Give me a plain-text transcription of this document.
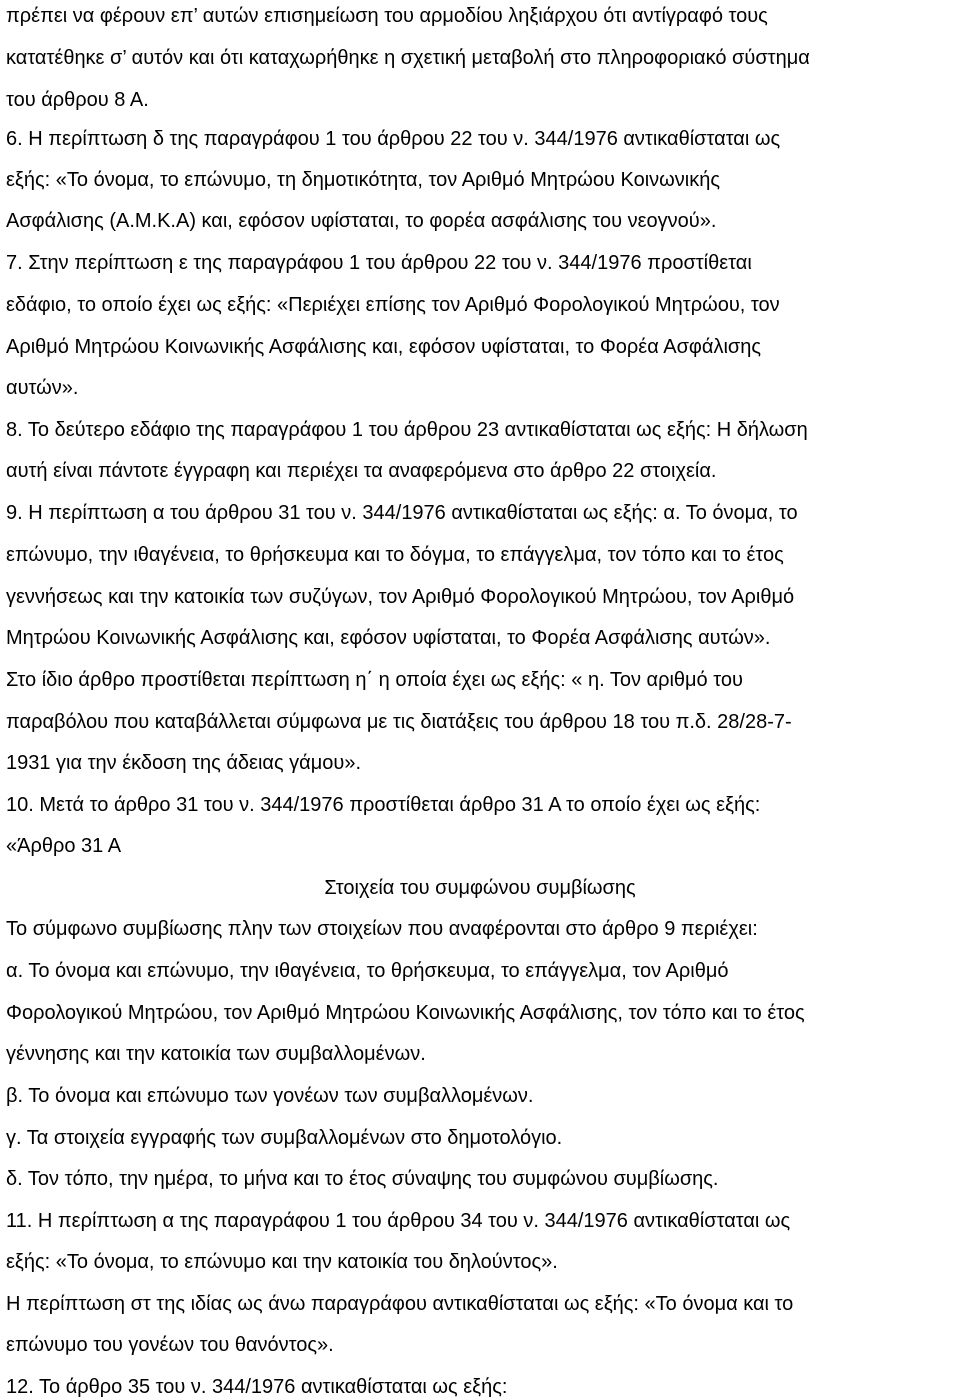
πρέπει να φέρουν επ’ αυτών επισημείωση του αρμοδίου ληξιάρχου ότι αντίγραφό τους
κατατέθηκε σ’ αυτόν και ότι καταχωρήθηκε η σχετική μεταβολή στο πληροφοριακό σύστημα
του άρθρου 8 Α.
6. Η περίπτωση δ της παραγράφου 1 του άρθρου 22 του ν. 344/1976 αντικαθίσταται ως
εξής: «Το όνομα, το επώνυμο, τη δημοτικότητα, τον Αριθμό Μητρώου Κοινωνικής
Ασφάλισης (Α.Μ.Κ.Α) και, εφόσον υφίσταται, το φορέα ασφάλισης του νεογνού».
7. Στην περίπτωση ε της παραγράφου 1 του άρθρου 22 του ν. 344/1976 προστίθεται
εδάφιο, το οποίο έχει ως εξής: «Περιέχει επίσης τον Αριθμό Φορολογικού Μητρώου, τον
Αριθμό Μητρώου Κοινωνικής Ασφάλισης και, εφόσον υφίσταται, το Φορέα Ασφάλισης
αυτών».
8. Το δεύτερο εδάφιο της παραγράφου 1 του άρθρου 23 αντικαθίσταται ως εξής: Η δήλωση
αυτή είναι πάντοτε έγγραφη και περιέχει τα αναφερόμενα στο άρθρο 22 στοιχεία.
9. Η περίπτωση α του άρθρου 31 του ν. 344/1976 αντικαθίσταται ως εξής: α. Το όνομα, το
επώνυμο, την ιθαγένεια, το θρήσκευμα και το δόγμα, το επάγγελμα, τον τόπο και το έτος
γεννήσεως και την κατοικία των συζύγων, τον Αριθμό Φορολογικού Μητρώου, τον Αριθμό
Μητρώου Κοινωνικής Ασφάλισης και, εφόσον υφίσταται, το Φορέα Ασφάλισης αυτών».
Στο ίδιο άρθρο προστίθεται περίπτωση η΄ η οποία έχει ως εξής: « η. Τον αριθμό του
παραβόλου που καταβάλλεται σύμφωνα με τις διατάξεις του άρθρου 18 του π.δ. 28/28-7-
1931 για την έκδοση της άδειας γάμου».
10. Μετά το άρθρο 31 του ν. 344/1976 προστίθεται άρθρο 31 Α το οποίο έχει ως εξής:
«Άρθρο 31 Α
Στοιχεία του συμφώνου συμβίωσης
Το σύμφωνο συμβίωσης πλην των στοιχείων που αναφέρονται στο άρθρο 9 περιέχει:
α. Το όνομα και επώνυμο, την ιθαγένεια, το θρήσκευμα, το επάγγελμα, τον Αριθμό
Φορολογικού Μητρώου, τον Αριθμό Μητρώου Κοινωνικής Ασφάλισης, τον τόπο και το έτος
γέννησης και την κατοικία των συμβαλλομένων.
β. Το όνομα και επώνυμο των γονέων των συμβαλλομένων.
γ. Τα στοιχεία εγγραφής των συμβαλλομένων στο δημοτολόγιο.
δ. Τον τόπο, την ημέρα, το μήνα και το έτος σύναψης του συμφώνου συμβίωσης.
11. Η περίπτωση α της παραγράφου 1 του άρθρου 34 του ν. 344/1976 αντικαθίσταται ως
εξής: «Το όνομα, το επώνυμο και την κατοικία του δηλούντος».
Η περίπτωση στ της ιδίας ως άνω παραγράφου αντικαθίσταται ως εξής: «Το όνομα και το
επώνυμο του γονέων του θανόντος».
12. Το άρθρο 35 του ν. 344/1976 αντικαθίσταται ως εξής:
